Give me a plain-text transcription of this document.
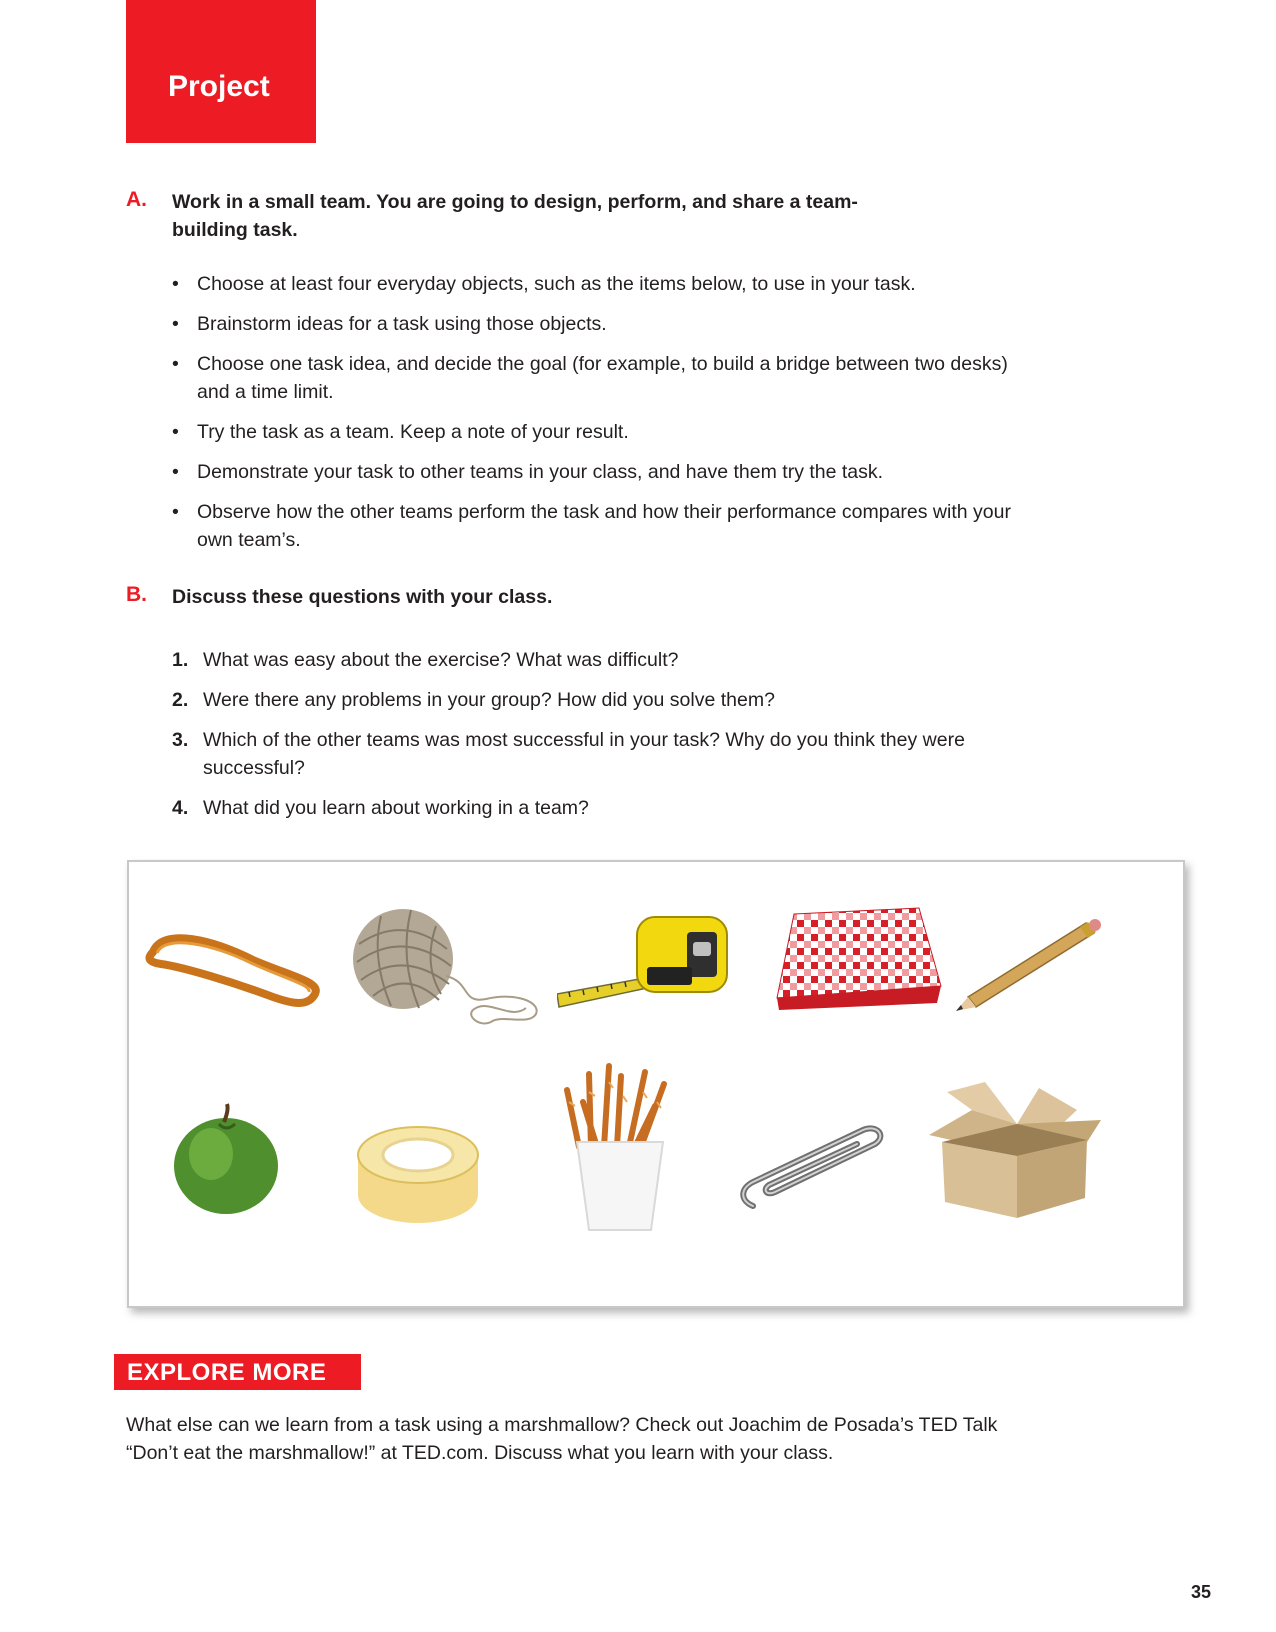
Project
A. Work in a small team. You are going to design, perform, and share a team-building task.
• Choose at least four everyday objects, such as the items below, to use in your task.
• Brainstorm ideas for a task using those objects.
• Choose one task idea, and decide the goal (for example, to build a bridge between two desks) and a time limit.
• Try the task as a team. Keep a note of your result.
• Demonstrate your task to other teams in your class, and have them try the task.
• Observe how the other teams perform the task and how their performance compares with your own team’s.
B. Discuss these questions with your class.
1. What was easy about the exercise? What was difficult?
2. Were there any problems in your group? How did you solve them?
3. Which of the other teams was most successful in your task? Why do you think they were successful?
4. What did you learn about working in a team?
EXPLORE MORE
What else can we learn from a task using a marshmallow? Check out Joachim de Posada’s TED Talk “Don’t eat the marshmallow!” at TED.com. Discuss what you learn with your class.
35
